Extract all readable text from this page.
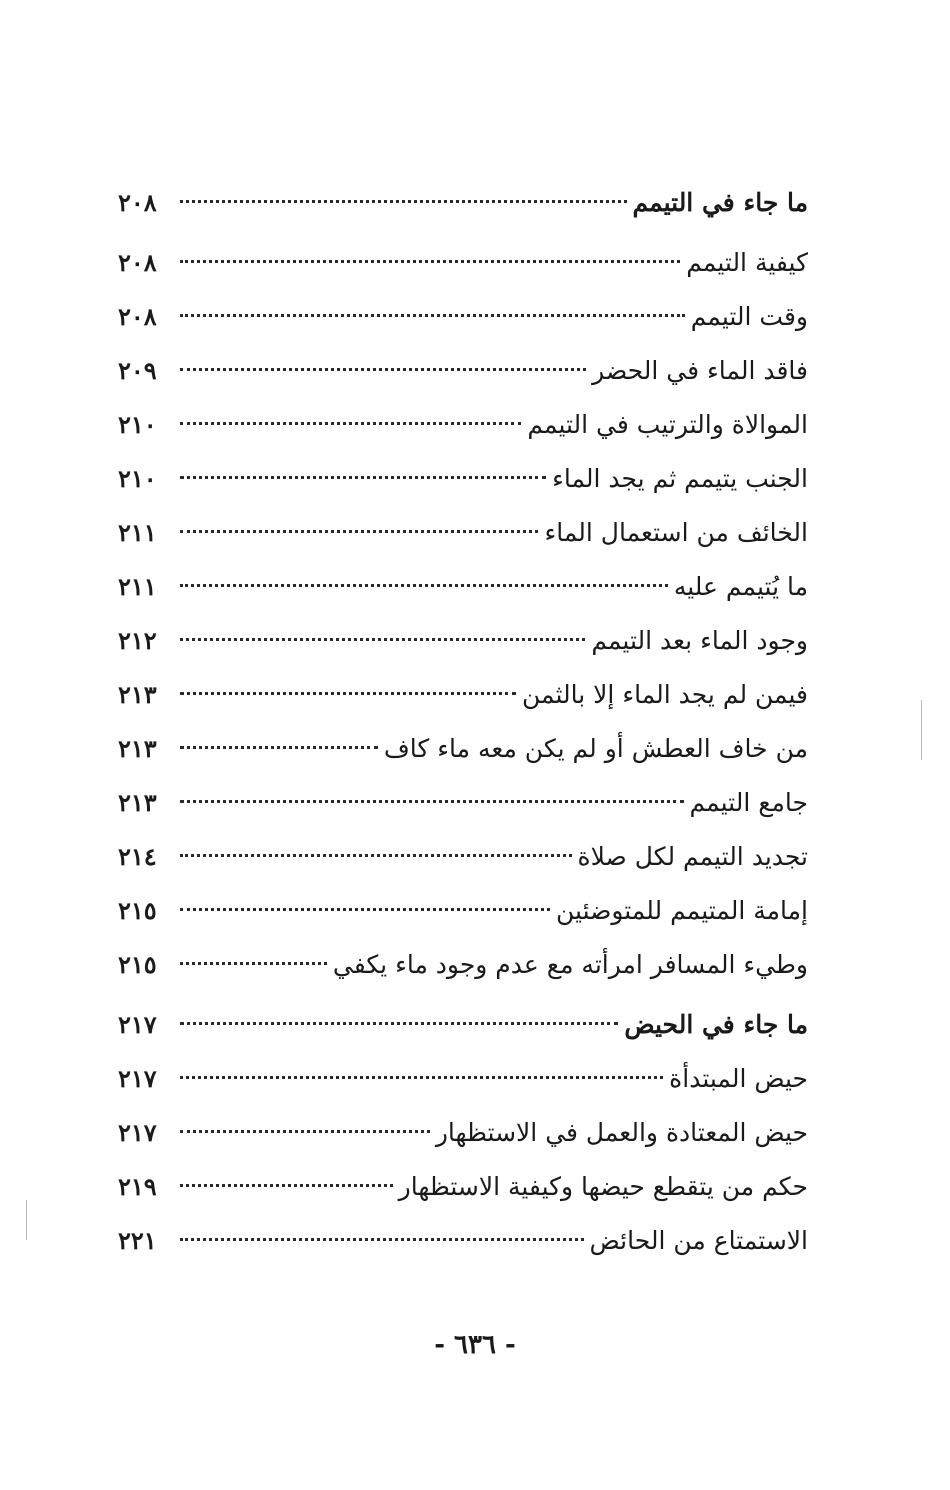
ما جاء في التيمم
٢٠٨
كيفية التيمم
٢٠٨
وقت التيمم
٢٠٨
فاقد الماء في الحضر
٢٠٩
الموالاة والترتيب في التيمم
٢١٠
الجنب يتيمم ثم يجد الماء
٢١٠
الخائف من استعمال الماء
٢١١
ما يُتيمم عليه
٢١١
وجود الماء بعد التيمم
٢١٢
فيمن لم يجد الماء إلا بالثمن
٢١٣
من خاف العطش أو لم يكن معه ماء كاف
٢١٣
جامع التيمم
٢١٣
تجديد التيمم لكل صلاة
٢١٤
إمامة المتيمم للمتوضئين
٢١٥
وطيء المسافر امرأته مع عدم وجود ماء يكفي
٢١٥
ما جاء في الحيض
٢١٧
حيض المبتدأة
٢١٧
حيض المعتادة والعمل في الاستظهار
٢١٧
حكم من يتقطع حيضها وكيفية الاستظهار
٢١٩
الاستمتاع من الحائض
٢٢١
- ٦٣٦ -
